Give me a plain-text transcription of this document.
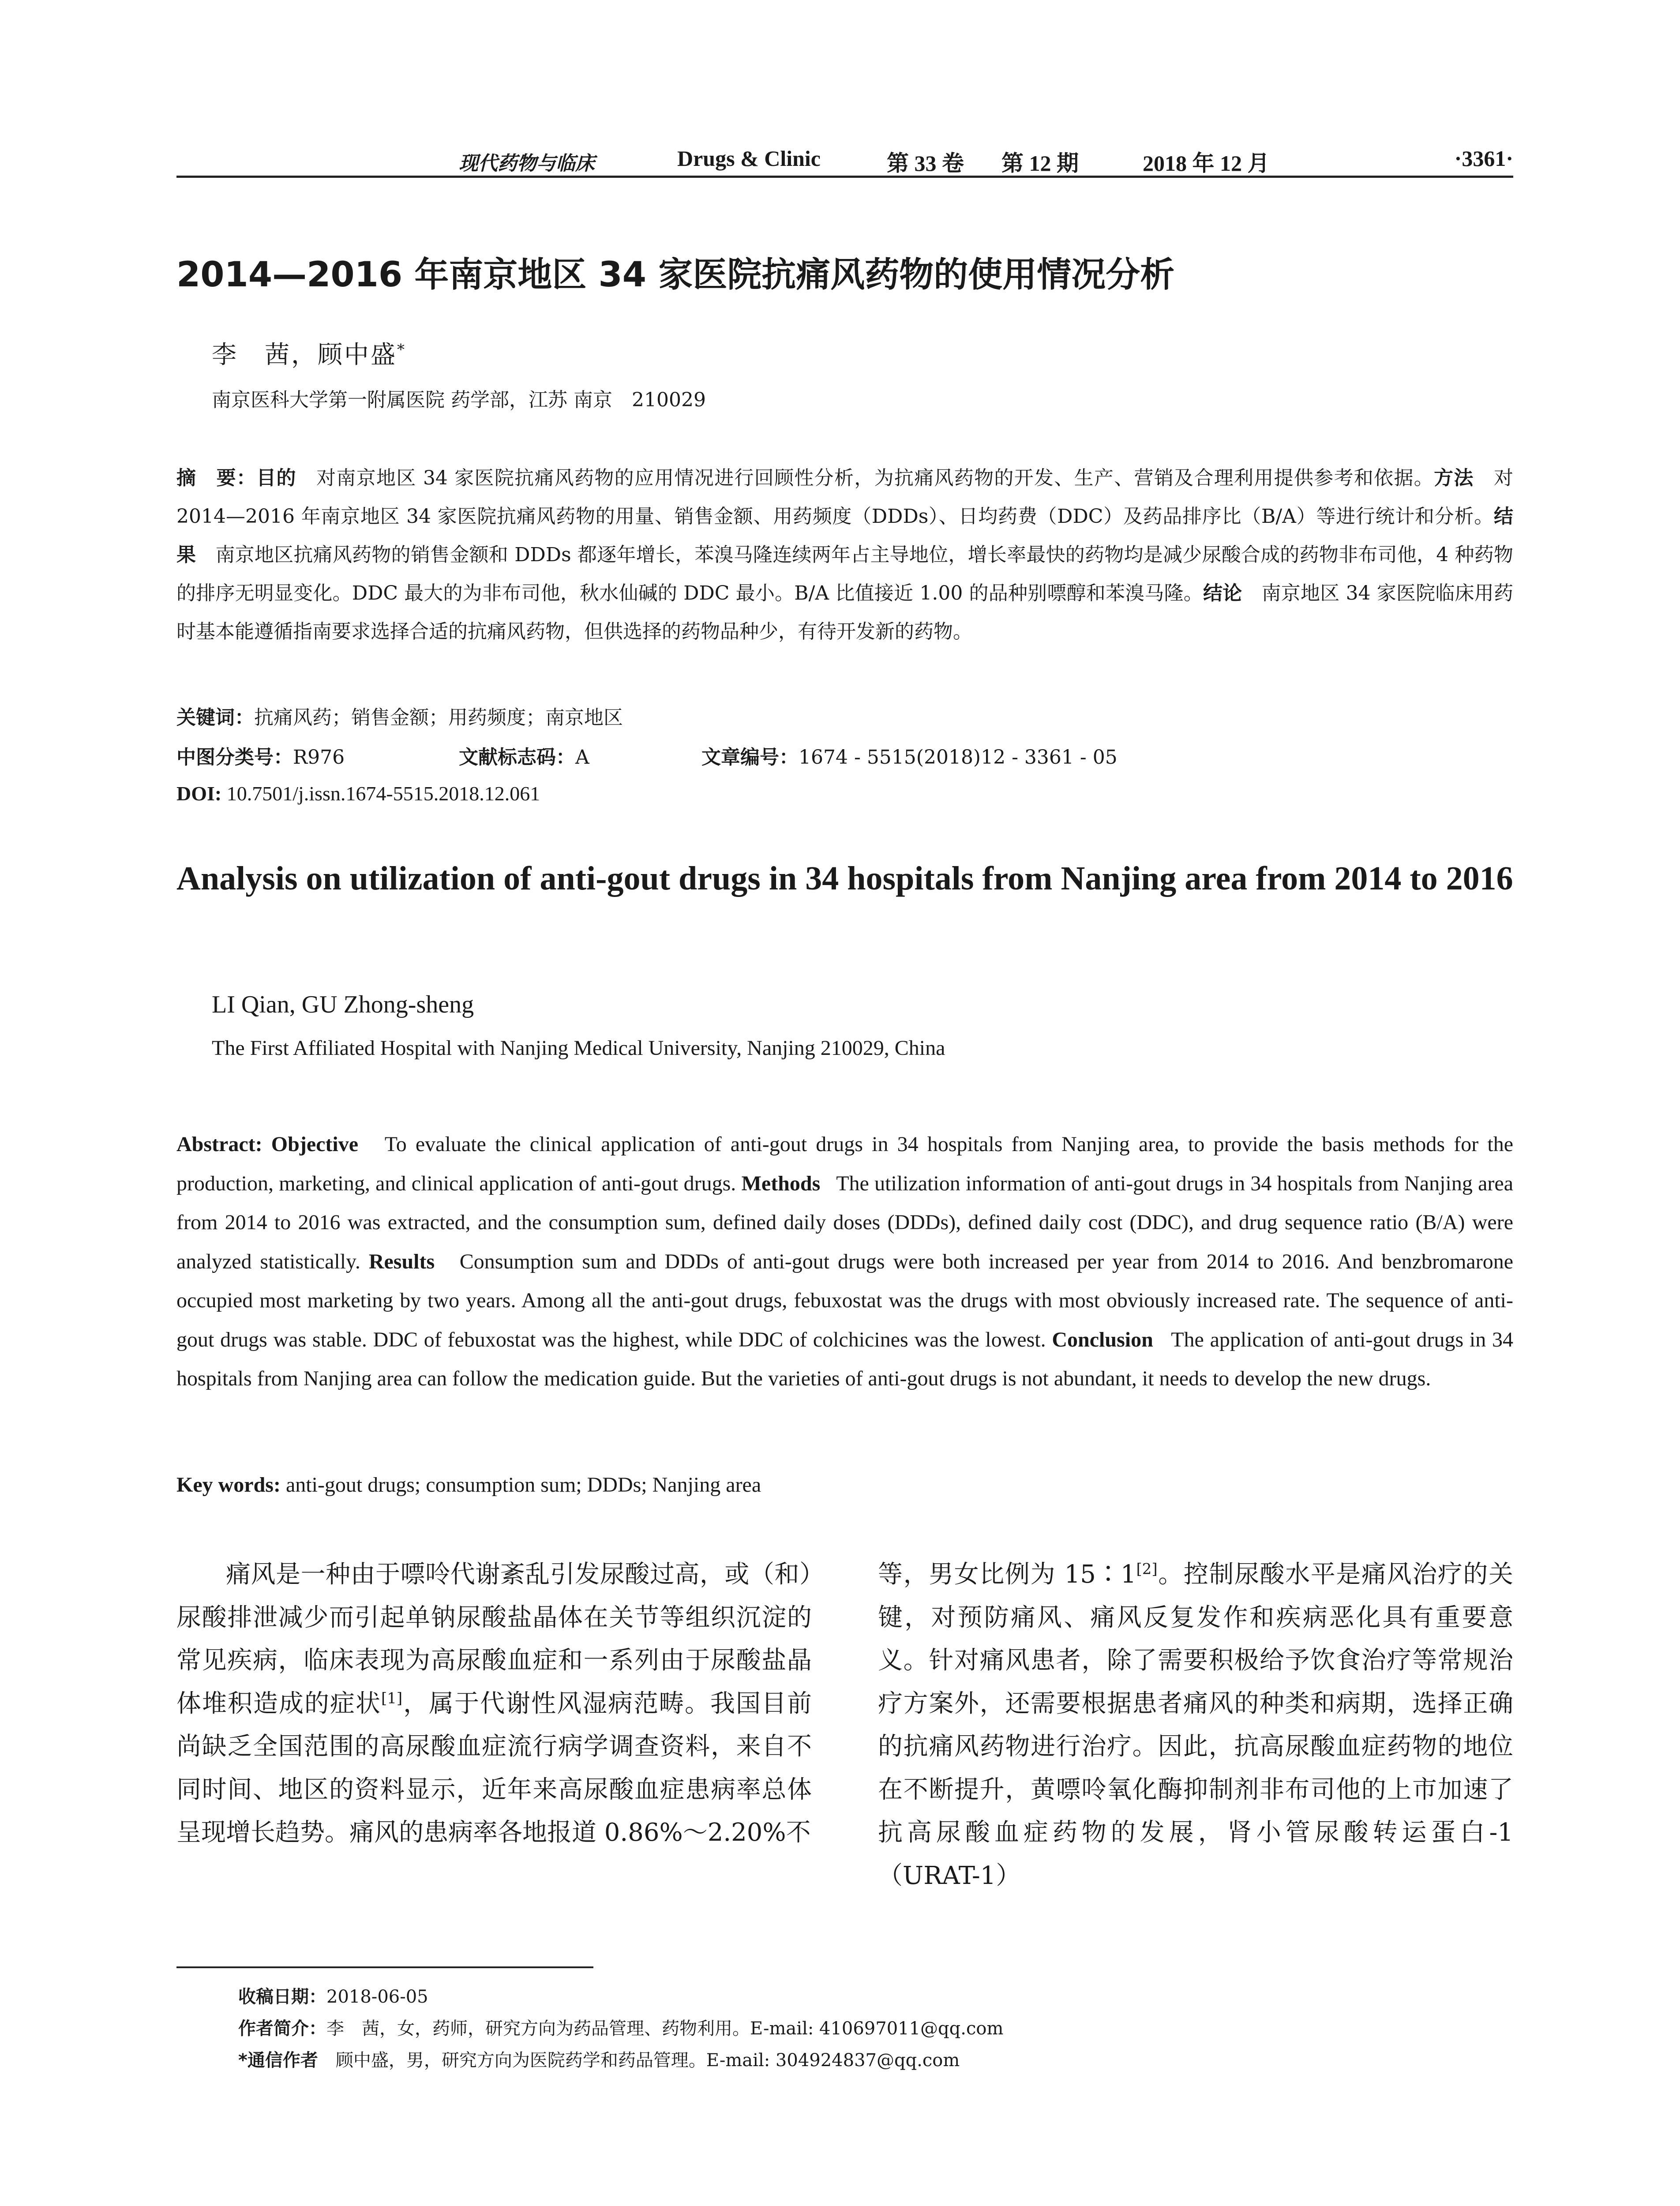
现代药物与临床	Drugs & Clinic	第 33 卷 第 12 期	2018 年 12 月	·3361·
2014—2016 年南京地区 34 家医院抗痛风药物的使用情况分析
李　茜，顾中盛*
南京医科大学第一附属医院 药学部，江苏 南京　210029
摘　要：目的　对南京地区 34 家医院抗痛风药物的应用情况进行回顾性分析，为抗痛风药物的开发、生产、营销及合理利用提供参考和依据。方法　对 2014—2016 年南京地区 34 家医院抗痛风药物的用量、销售金额、用药频度（DDDs）、日均药费（DDC）及药品排序比（B/A）等进行统计和分析。结果　南京地区抗痛风药物的销售金额和 DDDs 都逐年增长，苯溴马隆连续两年占主导地位，增长率最快的药物均是减少尿酸合成的药物非布司他，4 种药物的排序无明显变化。DDC 最大的为非布司他，秋水仙碱的 DDC 最小。B/A 比值接近 1.00 的品种别嘌醇和苯溴马隆。结论　南京地区 34 家医院临床用药时基本能遵循指南要求选择合适的抗痛风药物，但供选择的药物品种少，有待开发新的药物。
关键词：抗痛风药；销售金额；用药频度；南京地区
中图分类号：R976	文献标志码：A	文章编号：1674 - 5515(2018)12 - 3361 - 05
DOI: 10.7501/j.issn.1674-5515.2018.12.061
Analysis on utilization of anti-gout drugs in 34 hospitals from Nanjing area from 2014 to 2016
LI Qian, GU Zhong-sheng
The First Affiliated Hospital with Nanjing Medical University, Nanjing 210029, China
Abstract: Objective To evaluate the clinical application of anti-gout drugs in 34 hospitals from Nanjing area, to provide the basis methods for the production, marketing, and clinical application of anti-gout drugs. Methods The utilization information of anti-gout drugs in 34 hospitals from Nanjing area from 2014 to 2016 was extracted, and the consumption sum, defined daily doses (DDDs), defined daily cost (DDC), and drug sequence ratio (B/A) were analyzed statistically. Results Consumption sum and DDDs of anti-gout drugs were both increased per year from 2014 to 2016. And benzbromarone occupied most marketing by two years. Among all the anti-gout drugs, febuxostat was the drugs with most obviously increased rate. The sequence of anti-gout drugs was stable. DDC of febuxostat was the highest, while DDC of colchicines was the lowest. Conclusion The application of anti-gout drugs in 34 hospitals from Nanjing area can follow the medication guide. But the varieties of anti-gout drugs is not abundant, it needs to develop the new drugs.
Key words: anti-gout drugs; consumption sum; DDDs; Nanjing area
痛风是一种由于嘌呤代谢紊乱引发尿酸过高，或（和）尿酸排泄减少而引起单钠尿酸盐晶体在关节等组织沉淀的常见疾病，临床表现为高尿酸血症和一系列由于尿酸盐晶体堆积造成的症状[1]，属于代谢性风湿病范畴。我国目前尚缺乏全国范围的高尿酸血症流行病学调查资料，来自不同时间、地区的资料显示，近年来高尿酸血症患病率总体呈现增长趋势。痛风的患病率各地报道 0.86%～2.20%不
等，男女比例为 15∶1[2]。控制尿酸水平是痛风治疗的关键，对预防痛风、痛风反复发作和疾病恶化具有重要意义。针对痛风患者，除了需要积极给予饮食治疗等常规治疗方案外，还需要根据患者痛风的种类和病期，选择正确的抗痛风药物进行治疗。因此，抗高尿酸血症药物的地位在不断提升，黄嘌呤氧化酶抑制剂非布司他的上市加速了抗高尿酸血症药物的发展，肾小管尿酸转运蛋白-1（URAT-1）
收稿日期：2018-06-05
作者简介：李　茜，女，药师，研究方向为药品管理、药物利用。E-mail: 410697011@qq.com
*通信作者　顾中盛，男，研究方向为医院药学和药品管理。E-mail: 304924837@qq.com
